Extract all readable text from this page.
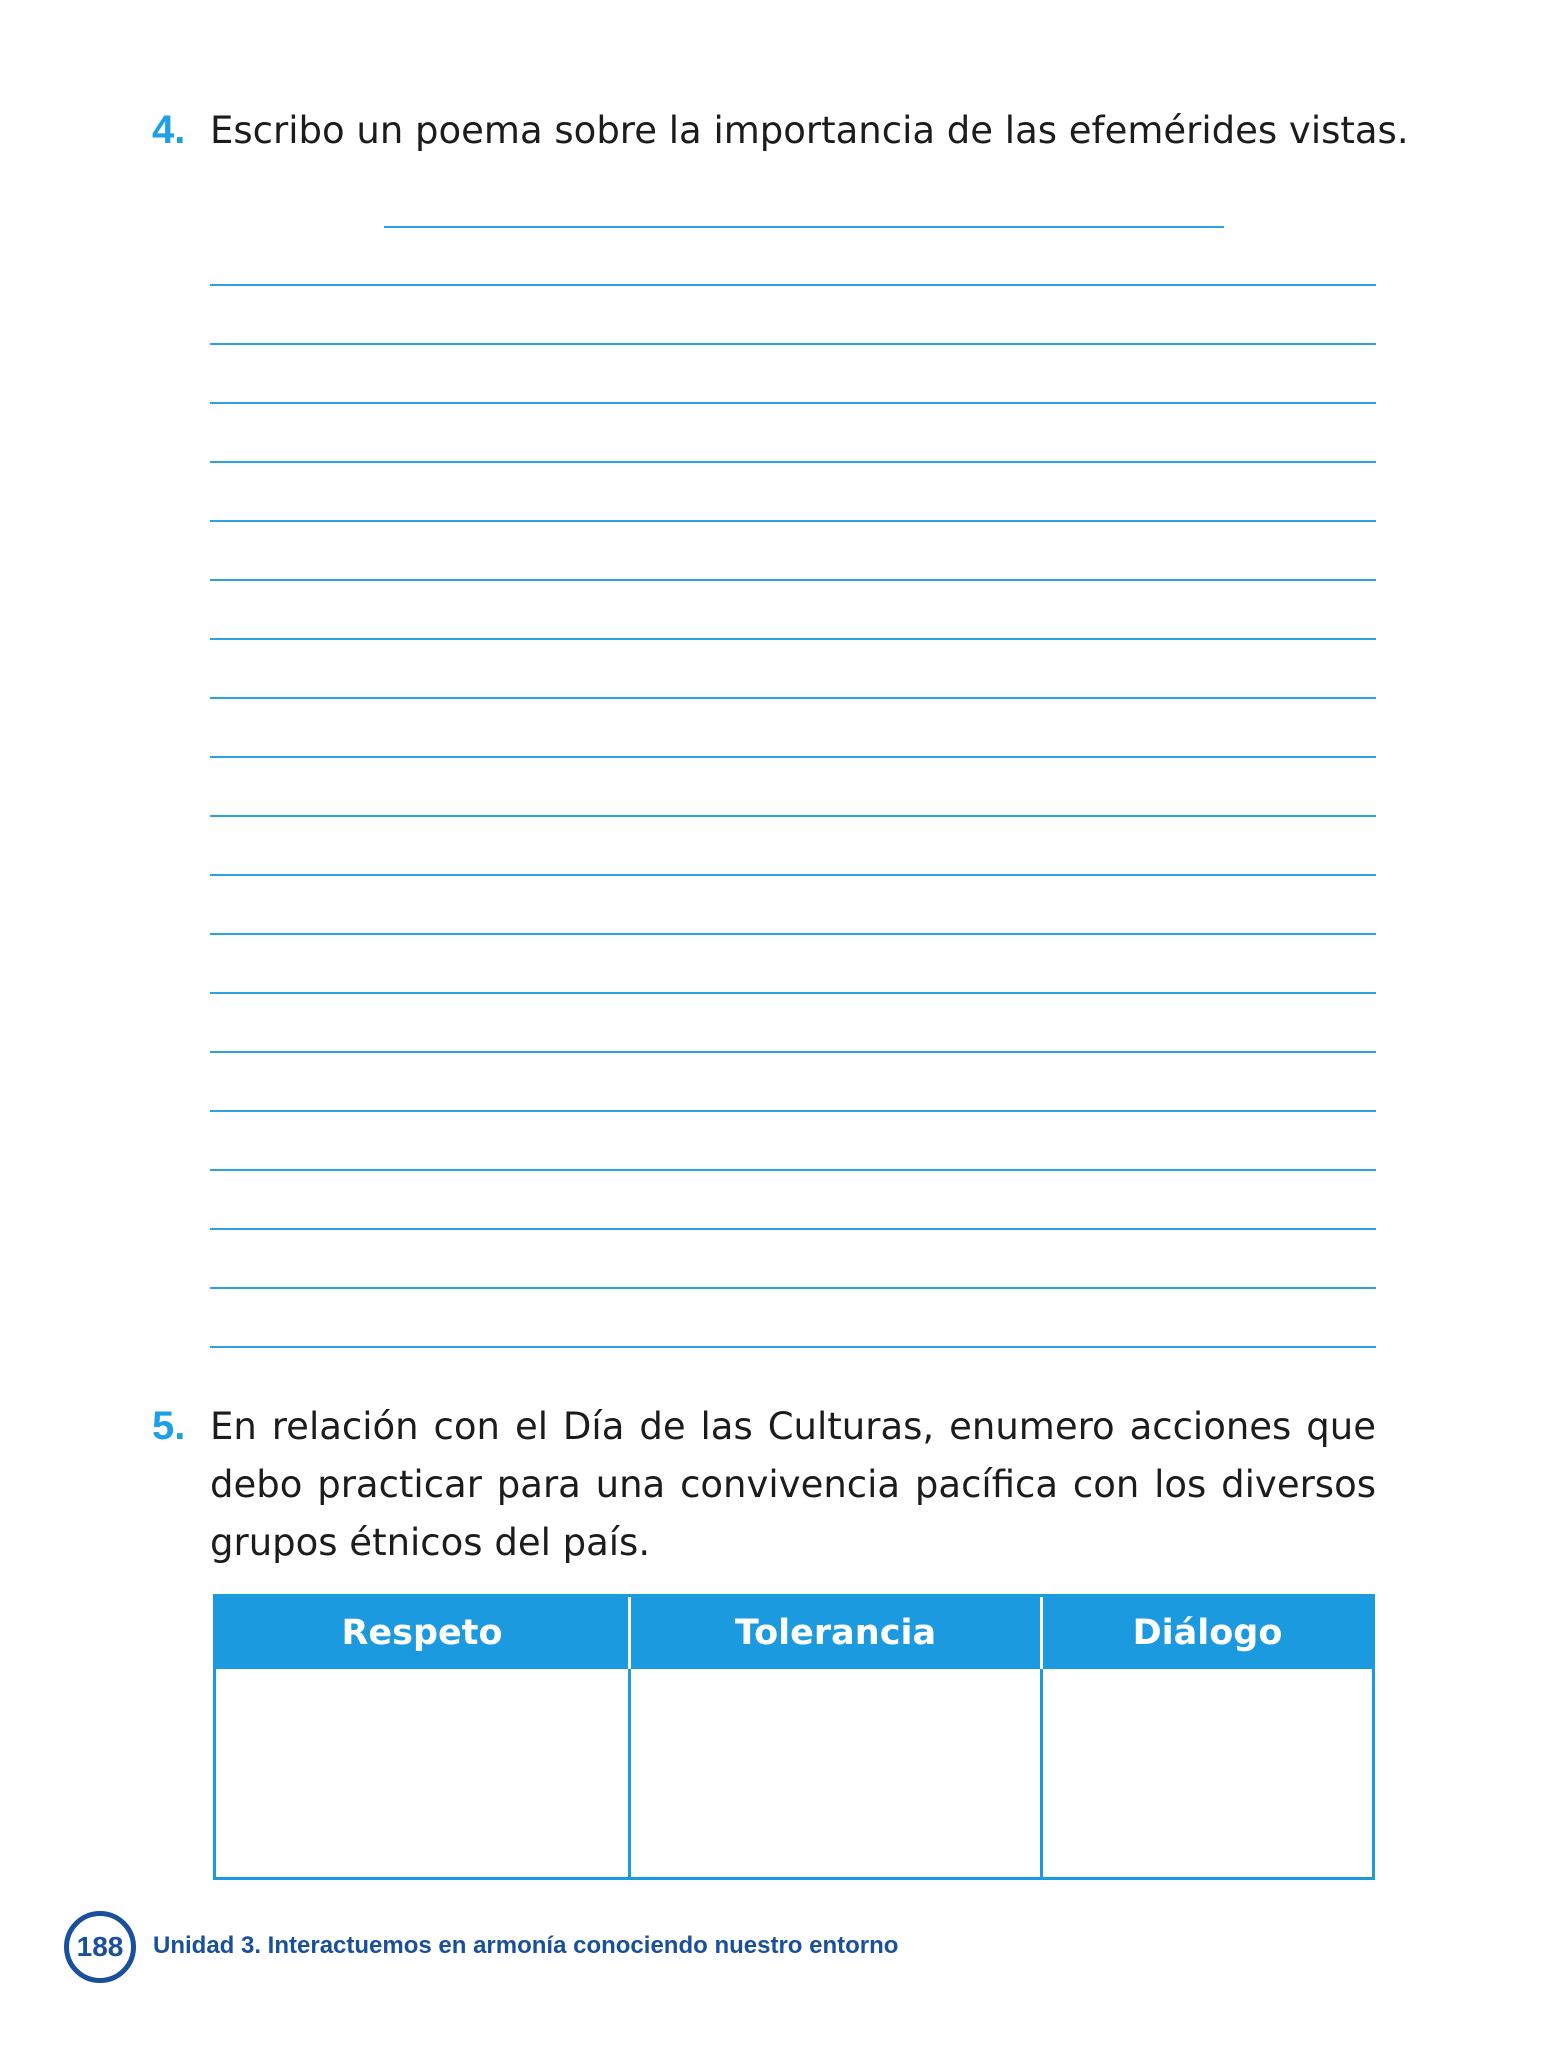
4. Escribo un poema sobre la importancia de las efemérides vistas.
5. En relación con el Día de las Culturas, enumero acciones que debo practicar para una convivencia pacífica con los diversos grupos étnicos del país.
Respeto	Tolerancia	Diálogo
188 Unidad 3. Interactuemos en armonía conociendo nuestro entorno
